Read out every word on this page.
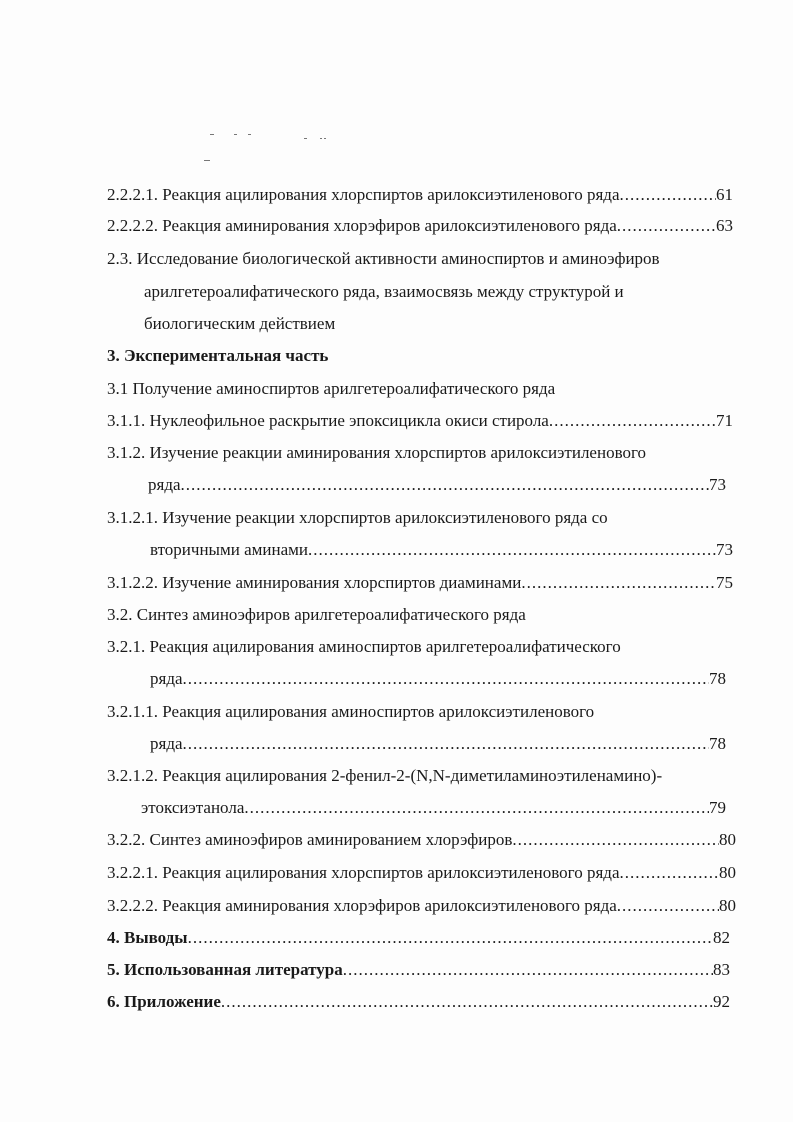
2.2.2.1. Реакция ацилирования хлорспиртов арилоксиэтиленового ряда .....	61
2.2.2.2. Реакция аминирования хлорэфиров арилоксиэтиленового ряда .....	63
2.3. Исследование биологической активности аминоспиртов и аминоэфиров
арилгетероалифатического ряда, взаимосвязь между структурой и
биологическим действием
3. Экспериментальная часть
3.1 Получение аминоспиртов арилгетероалифатического ряда
3.1.1. Нуклеофильное раскрытие эпоксицикла окиси стирола .....	71
3.1.2. Изучение реакции аминирования хлорспиртов арилоксиэтиленового
ряда .....	73
3.1.2.1. Изучение реакции хлорспиртов арилоксиэтиленового ряда со
вторичными аминами .....	73
3.1.2.2. Изучение аминирования хлорспиртов диаминами .....	75
3.2. Синтез аминоэфиров арилгетероалифатического ряда
3.2.1. Реакция ацилирования аминоспиртов арилгетероалифатического
ряда .....	78
3.2.1.1. Реакция ацилирования аминоспиртов арилоксиэтиленового
ряда .....	78
3.2.1.2. Реакция ацилирования 2-фенил-2-(N,N-диметиламиноэтиленамино)-
этоксиэтанола .....	79
3.2.2. Синтез аминоэфиров аминированием хлорэфиров .....	80
3.2.2.1. Реакция ацилирования хлорспиртов арилоксиэтиленового ряда .....	80
3.2.2.2. Реакция аминирования хлорэфиров арилоксиэтиленового ряда .....	80
4. Выводы .....	82
5. Использованная литература .....	83
6. Приложение .....	92
